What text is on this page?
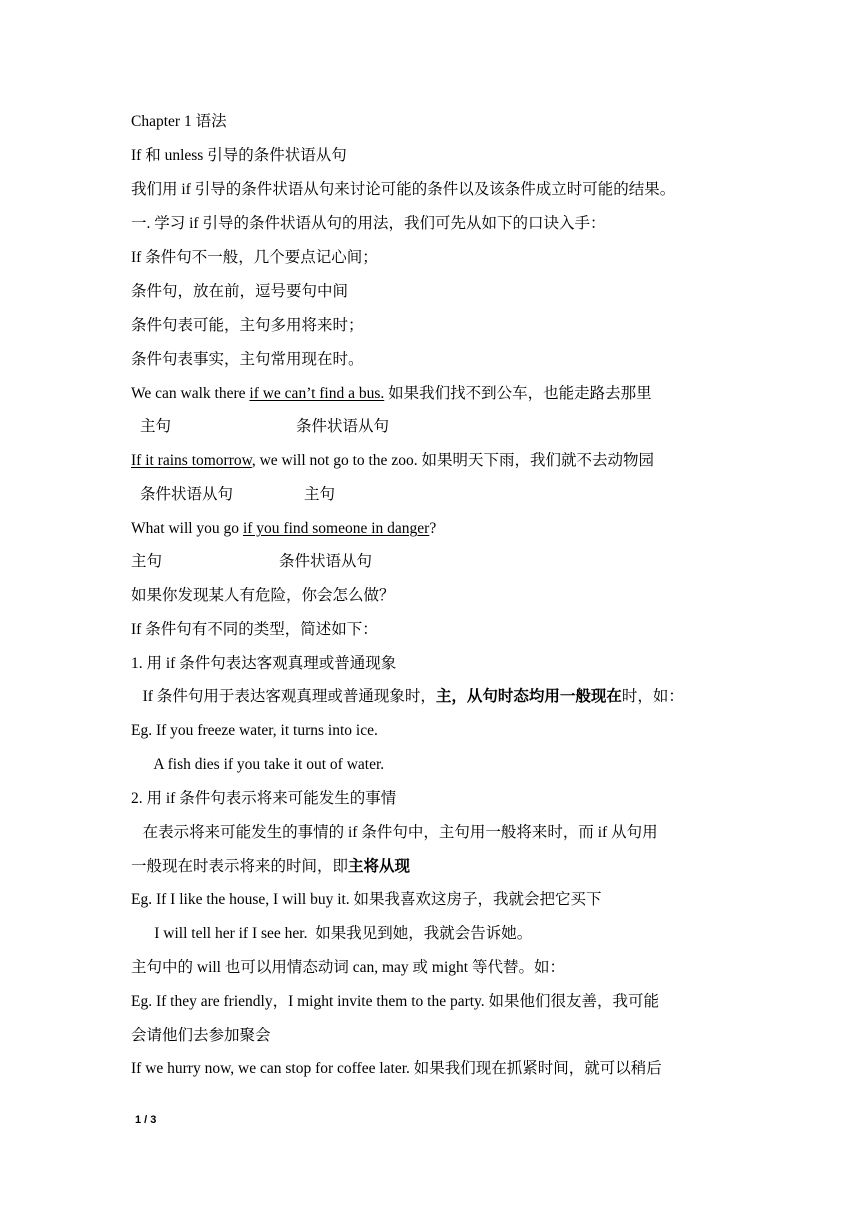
Chapter 1 语法
If 和 unless 引导的条件状语从句
我们用 if 引导的条件状语从句来讨论可能的条件以及该条件成立时可能的结果。
一. 学习 if 引导的条件状语从句的用法，我们可先从如下的口诀入手：
If 条件句不一般，几个要点记心间；
条件句，放在前，逗号要句中间
条件句表可能，主句多用将来时；
条件句表事实，主句常用现在时。
We can walk there if we can’t find a bus. 如果我们找不到公车，也能走路去那里
主句	条件状语从句
If it rains tomorrow, we will not go to the zoo. 如果明天下雨，我们就不去动物园
条件状语从句	主句
What will you go if you find someone in danger?
主句	条件状语从句
如果你发现某人有危险，你会怎么做？
If 条件句有不同的类型，简述如下：
1. 用 if 条件句表达客观真理或普通现象
If 条件句用于表达客观真理或普通现象时，主，从句时态均用一般现在时，如：
Eg. If you freeze water, it turns into ice.
A fish dies if you take it out of water.
2. 用 if 条件句表示将来可能发生的事情
在表示将来可能发生的事情的 if 条件句中，主句用一般将来时，而 if 从句用
一般现在时表示将来的时间，即主将从现
Eg. If I like the house, I will buy it. 如果我喜欢这房子，我就会把它买下
I will tell her if I see her.  如果我见到她，我就会告诉她。
主句中的 will 也可以用情态动词 can, may 或 might 等代替。如：
Eg. If they are friendly，I might invite them to the party. 如果他们很友善，我可能
会请他们去参加聚会
If we hurry now, we can stop for coffee later. 如果我们现在抓紧时间，就可以稍后
1 / 3
